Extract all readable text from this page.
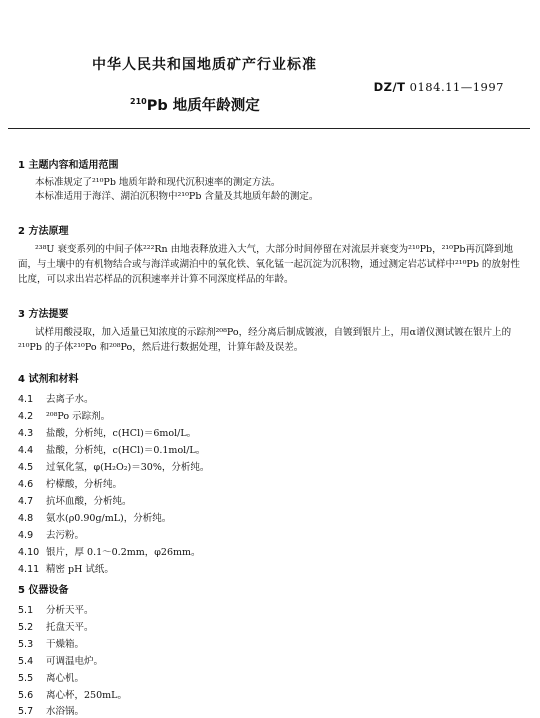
中华人民共和国地质矿产行业标准
DZ/T 0184.11—1997
$^{210}$Pb 地质年龄测定
1 主题内容和适用范围

本标准规定了²¹⁰Pb 地质年龄和现代沉积速率的测定方法。

本标准适用于海洋、湖泊沉积物中²¹⁰Pb 含量及其地质年龄的测定。

2 方法原理

²³⁸U 衰变系列的中间子体²²²Rn 由地表释放进入大气，大部分时间停留在对流层并衰变为²¹⁰Pb，²¹⁰Pb再沉降到地面，与土壤中的有机物结合或与海洋或湖泊中的氧化铁、氧化锰一起沉淀为沉积物，通过测定岩芯试样中²¹⁰Pb 的放射性比度，可以求出岩芯样品的沉积速率并计算不同深度样品的年龄。

3 方法提要

试样用酸浸取，加入适量已知浓度的示踪剂²⁰⁸Po，经分离后制成镀液，自镀到银片上，用α谱仪测试镀在银片上的²¹⁰Pb 的子体²¹⁰Po 和²⁰⁸Po，然后进行数据处理，计算年龄及误差。

4 试剂和材料
4.1 去离子水。
4.2 ²⁰⁸Po 示踪剂。
4.3 盐酸，分析纯，c(HCl)＝6mol/L。
4.4 盐酸，分析纯，c(HCl)＝0.1mol/L。
4.5 过氧化氢，φ(H₂O₂)＝30%，分析纯。
4.6 柠檬酸，分析纯。
4.7 抗坏血酸，分析纯。
4.8 氨水(ρ0.90g/mL)，分析纯。
4.9 去污粉。
4.10 银片，厚 0.1～0.2mm，φ26mm。
4.11 精密 pH 试纸。
5 仪器设备
5.1 分析天平。
5.2 托盘天平。
5.3 干燥箱。
5.4 可调温电炉。
5.5 离心机。
5.6 离心杯，250mL。
5.7 水浴锅。
